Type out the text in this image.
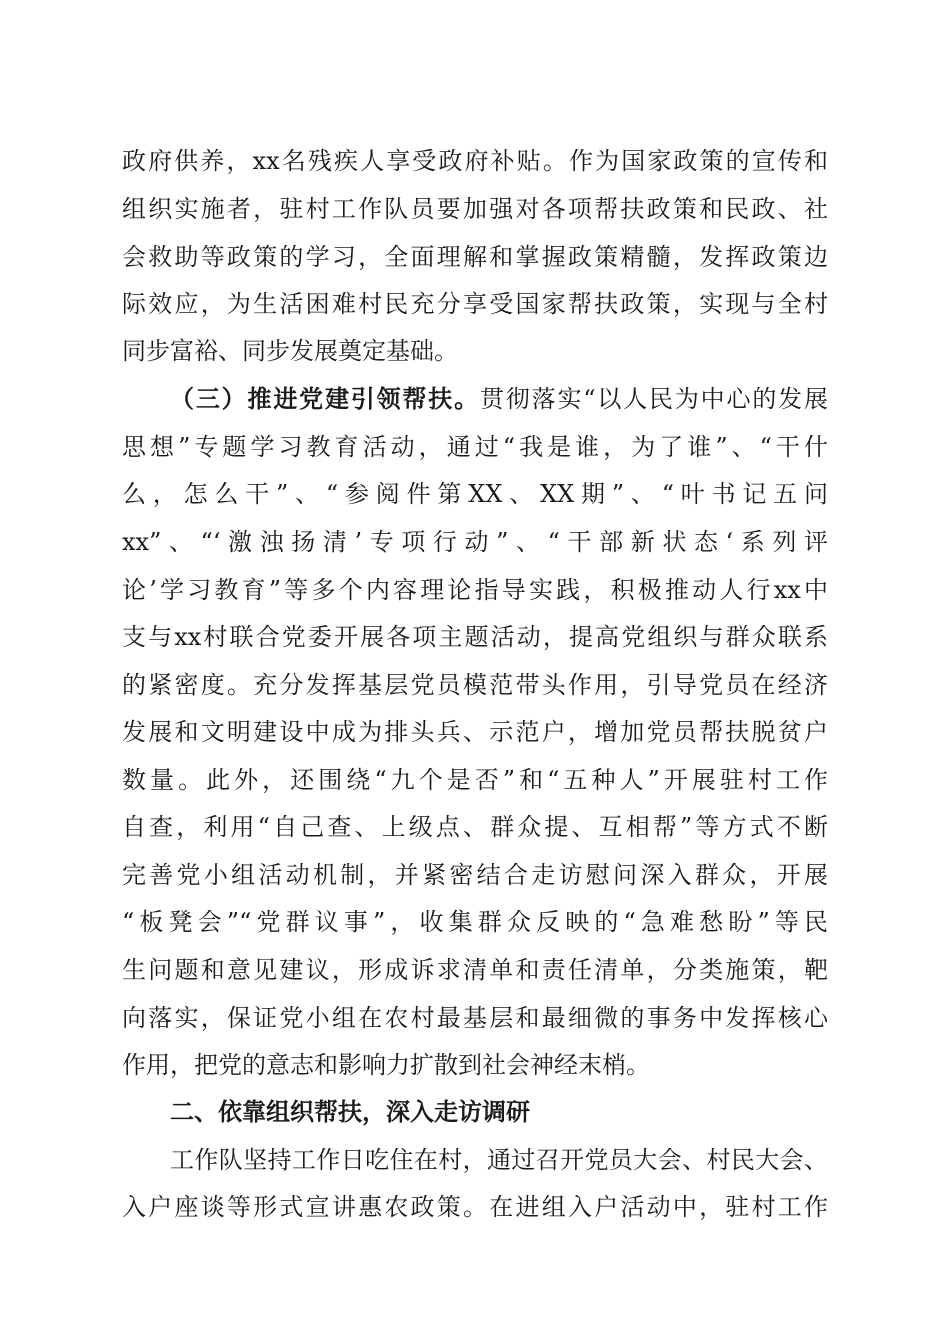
政府供养，xx名残疾人享受政府补贴。作为国家政策的宣传和
组织实施者，驻村工作队员要加强对各项帮扶政策和民政、社
会救助等政策的学习，全面理解和掌握政策精髓，发挥政策边
际效应，为生活困难村民充分享受国家帮扶政策，实现与全村
同步富裕、同步发展奠定基础。
（三）推进党建引领帮扶。贯彻落实“以人民为中心的发展
思想”专题学习教育活动，通过“我是谁，为了谁”、“干什
么，怎么干”、“参阅件第XX、XX期”、“叶书记五问
xx”、“‘激浊扬清’专项行动”、“干部新状态‘系列评
论’学习教育”等多个内容理论指导实践，积极推动人行xx中
支与xx村联合党委开展各项主题活动，提高党组织与群众联系
的紧密度。充分发挥基层党员模范带头作用，引导党员在经济
发展和文明建设中成为排头兵、示范户，增加党员帮扶脱贫户
数量。此外，还围绕“九个是否”和“五种人”开展驻村工作
自查，利用“自己查、上级点、群众提、互相帮”等方式不断
完善党小组活动机制，并紧密结合走访慰问深入群众，开展
“板凳会”“党群议事”，收集群众反映的“急难愁盼”等民
生问题和意见建议，形成诉求清单和责任清单，分类施策，靶
向落实，保证党小组在农村最基层和最细微的事务中发挥核心
作用，把党的意志和影响力扩散到社会神经末梢。
二、依靠组织帮扶，深入走访调研
工作队坚持工作日吃住在村，通过召开党员大会、村民大会、
入户座谈等形式宣讲惠农政策。在进组入户活动中，驻村工作
